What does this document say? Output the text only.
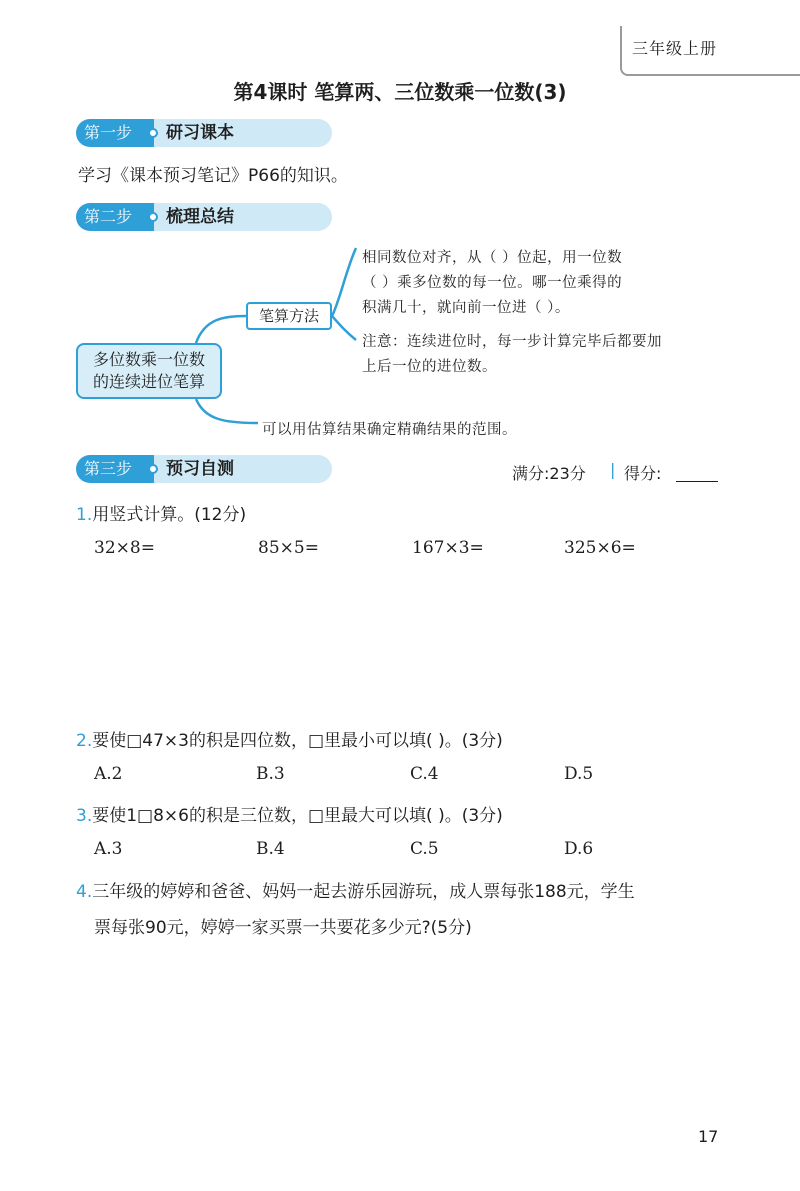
三年级上册
第4课时 笔算两、三位数乘一位数(3)
第一步	研习课本
学习《课本预习笔记》P66的知识。
第二步	梳理总结
多位数乘一位数
的连续进位笔算
笔算方法
相同数位对齐，从（ ）位起，用一位数
（ ）乘多位数的每一位。哪一位乘得的
积满几十，就向前一位进（ ）。
注意：连续进位时，每一步计算完毕后都要加
上后一位的进位数。
可以用估算结果确定精确结果的范围。
第三步	预习自测	满分:23分 | 得分:
1.用竖式计算。(12分)
32×8=	85×5=	167×3=	325×6=
2.要使□47×3的积是四位数，□里最小可以填( )。(3分)
A.2	B.3	C.4	D.5
3.要使1□8×6的积是三位数，□里最大可以填( )。(3分)
A.3	B.4	C.5	D.6
4.三年级的婷婷和爸爸、妈妈一起去游乐园游玩，成人票每张188元，学生
票每张90元，婷婷一家买票一共要花多少元?(5分)
17
